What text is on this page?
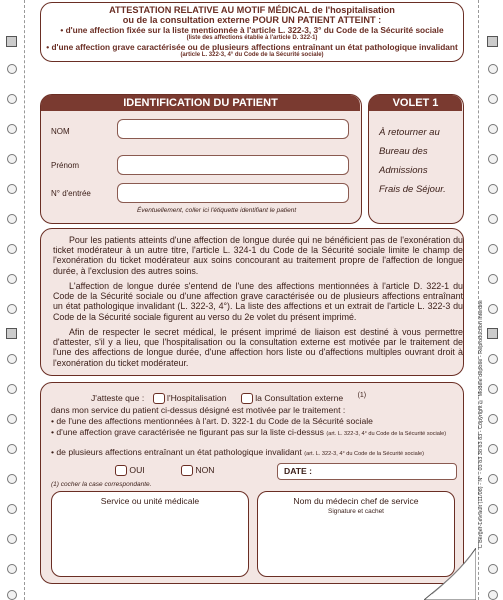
ATTESTATION RELATIVE AU MOTIF MÉDICAL de l'hospitalisation
ou de la consultation externe POUR UN PATIENT ATTEINT :
• d'une affection fixée sur la liste mentionnée à l'article L. 322-3, 3° du Code de la Sécurité sociale
(liste des affections établie à l'article D. 322-1)
• d'une affection grave caractérisée ou de plusieurs affections entraînant un état pathologique invalidant
(article L. 322-3, 4° du Code de la Sécurité sociale)
IDENTIFICATION DU PATIENT
NOM
Prénom
N° d'entrée
Éventuellement, coller ici l'étiquette identifiant le patient
VOLET 1
À retourner au Bureau des Admissions Frais de Séjour.
Pour les patients atteints d'une affection de longue durée qui ne bénéficient pas de l'exonération du ticket modérateur à un autre titre, l'article L. 324-1 du Code de la Sécurité sociale limite le champ de l'exonération du ticket modérateur aux soins concourant au traitement propre de l'affection de longue durée, à l'exclusion des autres soins.
L'affection de longue durée s'entend de l'une des affections mentionnées à l'article D. 322-1 du Code de la Sécurité sociale ou d'une affection grave caractérisée ou de plusieurs affections entraînant un état pathologique invalidant (L. 322-3, 4°). La liste des affections et un extrait de l'article L. 322-3 du Code de la Sécurité sociale figurent au verso du 2e volet du présent imprimé.
Afin de respecter le secret médical, le présent imprimé de liaison est destiné à vous permettre d'attester, s'il y a lieu, que l'hospitalisation ou la consultation externe est motivée par le traitement de l'une des affections de longue durée, d'une affection hors liste ou d'affections multiples ouvrant droit à l'exonération du ticket modérateur.
J'atteste que :	l'Hospitalisation	la Consultation externe $^{(1)}$
dans mon service du patient ci-dessus désigné est motivée par le traitement :
• de l'une des affections mentionnées à l'art. D. 322-1 du Code de la Sécurité sociale
• d'une affection grave caractérisée ne figurant pas sur la liste ci-dessus (art. L. 322-3, 4° du Code de la Sécurité sociale)
• de plusieurs affections entraînant un état pathologique invalidant (art. L. 322-3, 4° du Code de la Sécurité sociale)
OUI	NON	DATE :
(1) cocher la case correspondante.
Service ou unité médicale	Nom du médecin chef de service
Signature et cachet	C Berger-Levrault (11/08) - N° - 03 83 38 83 83 - Copyright © Modèle déposé - Reproduction interdite
